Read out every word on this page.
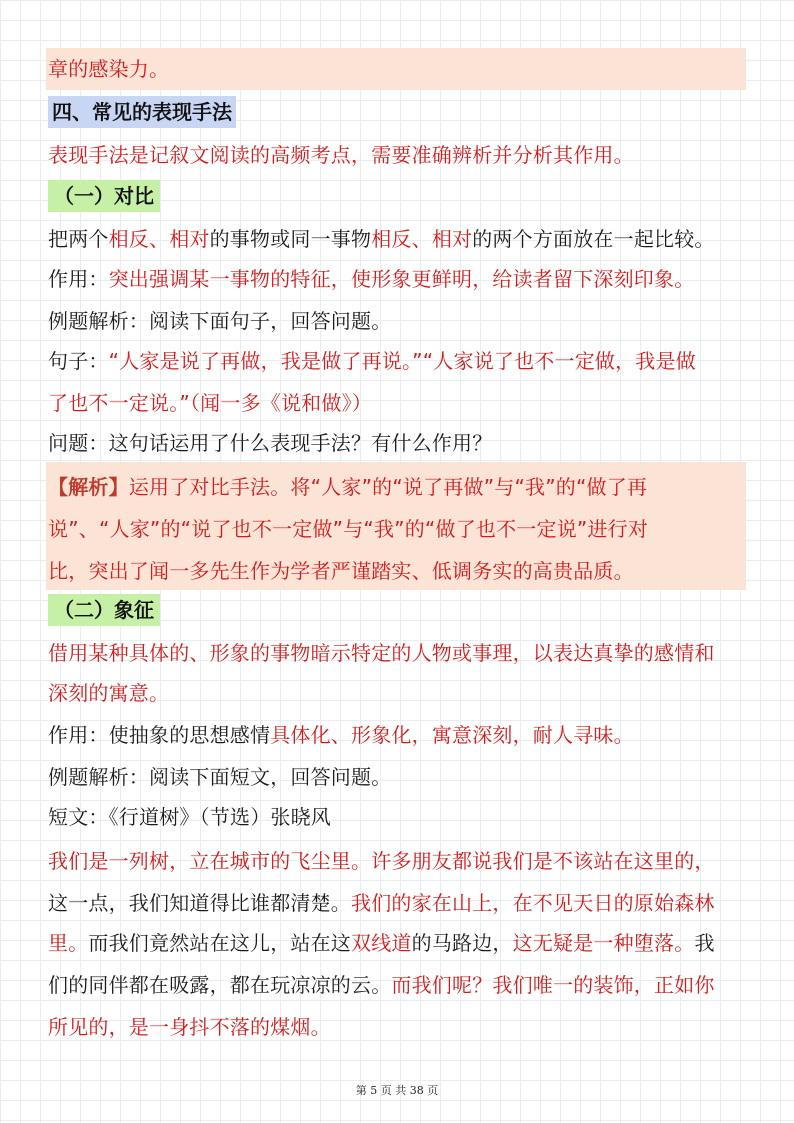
章的感染力。
四、常见的表现手法
表现手法是记叙文阅读的高频考点，需要准确辨析并分析其作用。
（一）对比
把两个相反、相对的事物或同一事物相反、相对的两个方面放在一起比较。
作用：突出强调某一事物的特征，使形象更鲜明，给读者留下深刻印象。
例题解析：阅读下面句子，回答问题。
句子：“人家是说了再做，我是做了再说。”“人家说了也不一定做，我是做
了也不一定说。”（闻一多《说和做》）
问题：这句话运用了什么表现手法？有什么作用？
【解析】运用了对比手法。将“人家”的“说了再做”与“我”的“做了再
说”、“人家”的“说了也不一定做”与“我”的“做了也不一定说”进行对
比，突出了闻一多先生作为学者严谨踏实、低调务实的高贵品质。
（二）象征
借用某种具体的、形象的事物暗示特定的人物或事理，以表达真挚的感情和
深刻的寓意。
作用：使抽象的思想感情具体化、形象化，寓意深刻，耐人寻味。
例题解析：阅读下面短文，回答问题。
短文：《行道树》（节选）张晓风
我们是一列树，立在城市的飞尘里。许多朋友都说我们是不该站在这里的，
这一点，我们知道得比谁都清楚。我们的家在山上，在不见天日的原始森林
里。而我们竟然站在这儿，站在这双线道的马路边，这无疑是一种堕落。我
们的同伴都在吸露，都在玩凉凉的云。而我们呢？我们唯一的装饰，正如你
所见的，是一身抖不落的煤烟。
第 5 页 共 38 页
